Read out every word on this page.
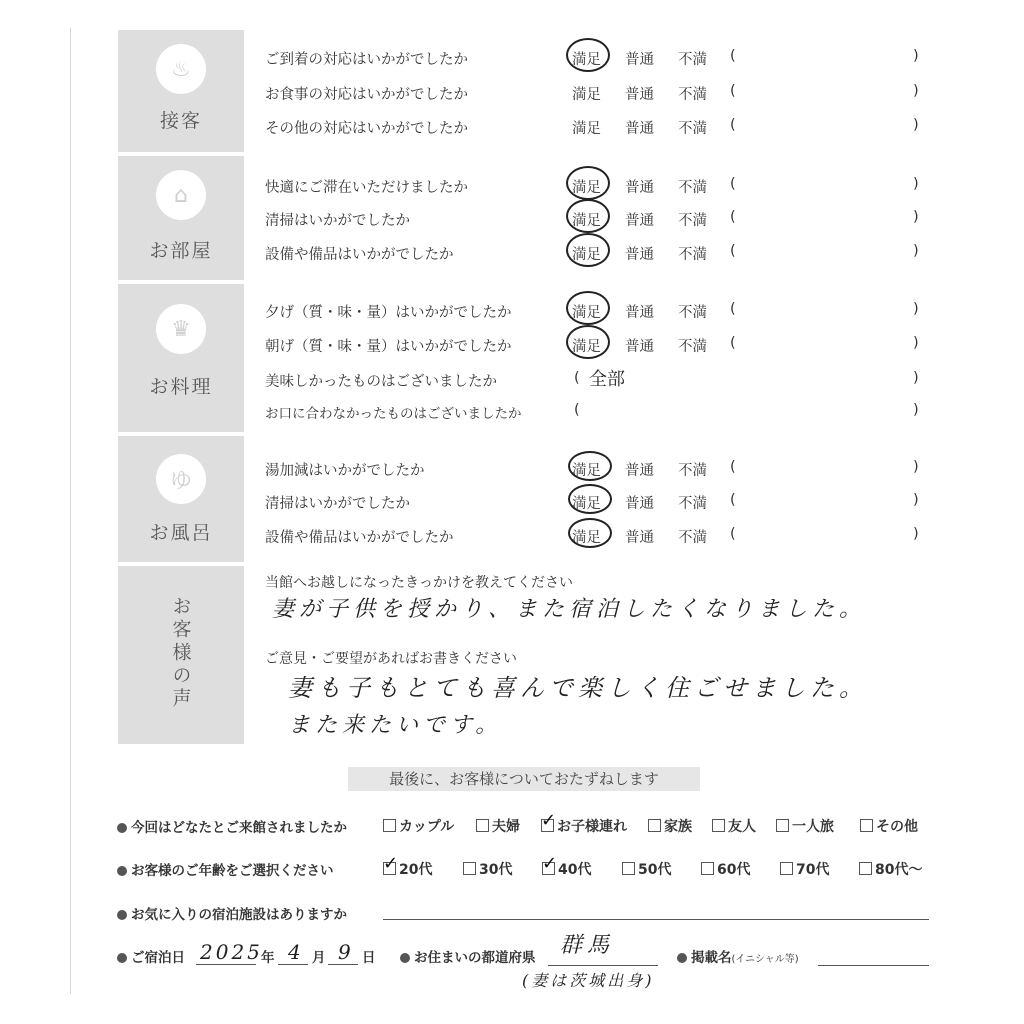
♨
接客
⌂
お部屋
♛
お料理
ゆ
お風呂
お客様の声
ご到着の対応はいかがでしたか	満足 普通 不満 (	)
お食事の対応はいかがでしたか	満足 普通 不満 (	)
その他の対応はいかがでしたか	満足 普通 不満 (	)
快適にご滞在いただけましたか	満足 普通 不満 (	)
清掃はいかがでしたか	満足 普通 不満 (	)
設備や備品はいかがでしたか	満足 普通 不満 (	)
夕げ（質・味・量）はいかがでしたか	満足 普通 不満 (	)
朝げ（質・味・量）はいかがでしたか	満足 普通 不満 (	)
美味しかったものはございましたか	( 全部	)
お口に合わなかったものはございましたか	(	)
湯加減はいかがでしたか	満足 普通 不満 (	)
清掃はいかがでしたか	満足 普通 不満 (	)
設備や備品はいかがでしたか	満足 普通 不満 (	)
当館へお越しになったきっかけを教えてください
妻が子供を授かり、また宿泊したくなりました。
ご意見・ご要望があればお書きください
妻も子もとても喜んで楽しく住ごせました。
また来たいです。
最後に、お客様についておたずねします
今回はどなたとご来館されましたか	カップル	夫婦 ✓	お子様連れ	家族	友人	一人旅	その他
お客様のご年齢をご選択ください ✓	20代	30代 ✓	40代	50代	60代	70代	80代〜
お気に入りの宿泊施設はありますか
ご宿泊日 2025
年 4 月 9 日	お住まいの都道府県 群馬
(妻は茨城出身)
掲載名(イニシャル等)
